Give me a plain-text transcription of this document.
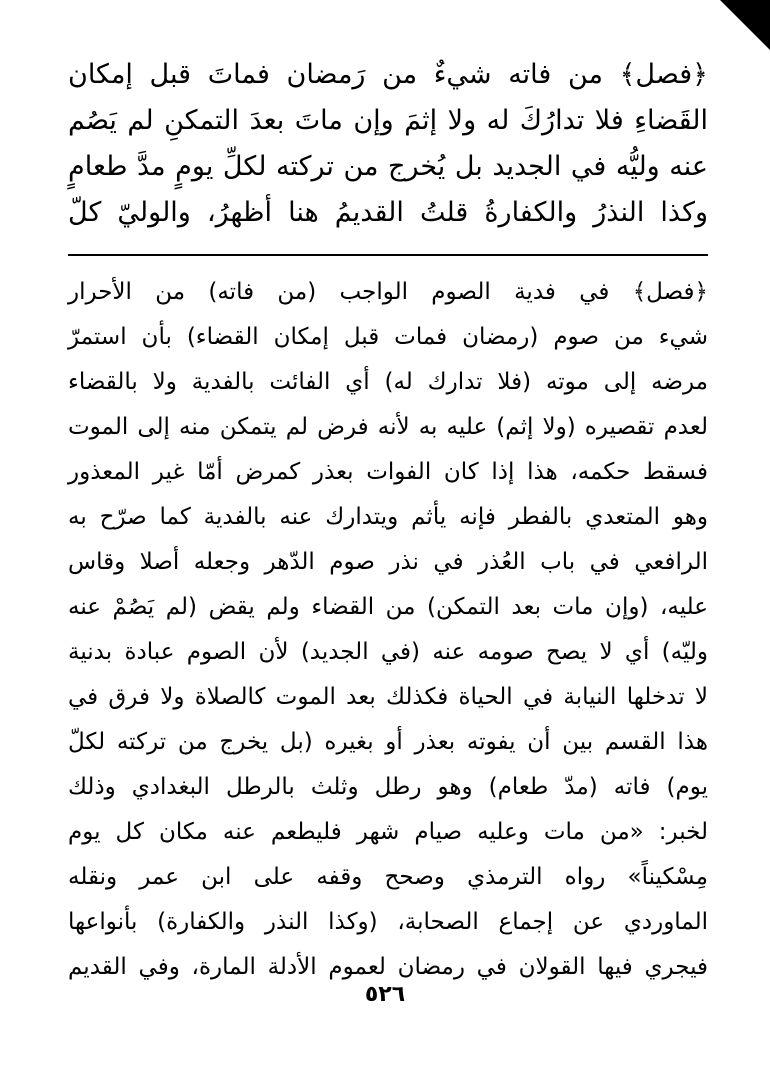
﴿فصل﴾ من فاته شيءٌ من رَمضان فماتَ قبل إمكان
القَضاءِ فلا تدارُكَ له ولا إثمَ وإن ماتَ بعدَ التمكنِ لم يَصُم
عنه وليُّه في الجديد بل يُخرج من تركته لكلِّ يومٍ مدَّ طعامٍ
وكذا النذرُ والكفارةُ قلتُ القديمُ هنا أظهرُ، والوليّ كلّ
﴿فصل﴾ في فدية الصوم الواجب (من فاته) من الأحرار
شيء من صوم (رمضان فمات قبل إمكان القضاء) بأن استمرّ
مرضه إلى موته (فلا تدارك له) أي الفائت بالفدية ولا بالقضاء
لعدم تقصيره (ولا إثم) عليه به لأنه فرض لم يتمكن منه إلى الموت
فسقط حكمه، هذا إذا كان الفوات بعذر كمرض أمّا غير المعذور
وهو المتعدي بالفطر فإنه يأثم ويتدارك عنه بالفدية كما صرّح به
الرافعي في باب العُذر في نذر صوم الدّهر وجعله أصلا وقاس
عليه، (وإن مات بعد التمكن) من القضاء ولم يقض (لم يَصُمْ عنه
وليّه) أي لا يصح صومه عنه (في الجديد) لأن الصوم عبادة بدنية
لا تدخلها النيابة في الحياة فكذلك بعد الموت كالصلاة ولا فرق في
هذا القسم بين أن يفوته بعذر أو بغيره (بل يخرج من تركته لكلّ
يوم) فاته (مدّ طعام) وهو رطل وثلث بالرطل البغدادي وذلك
لخبر: «من مات وعليه صيام شهر فليطعم عنه مكان كل يوم
مِسْكيناً» رواه الترمذي وصحح وقفه على ابن عمر ونقله
الماوردي عن إجماع الصحابة، (وكذا النذر والكفارة) بأنواعها
فيجري فيها القولان في رمضان لعموم الأدلة المارة، وفي القديم
٥٢٦
